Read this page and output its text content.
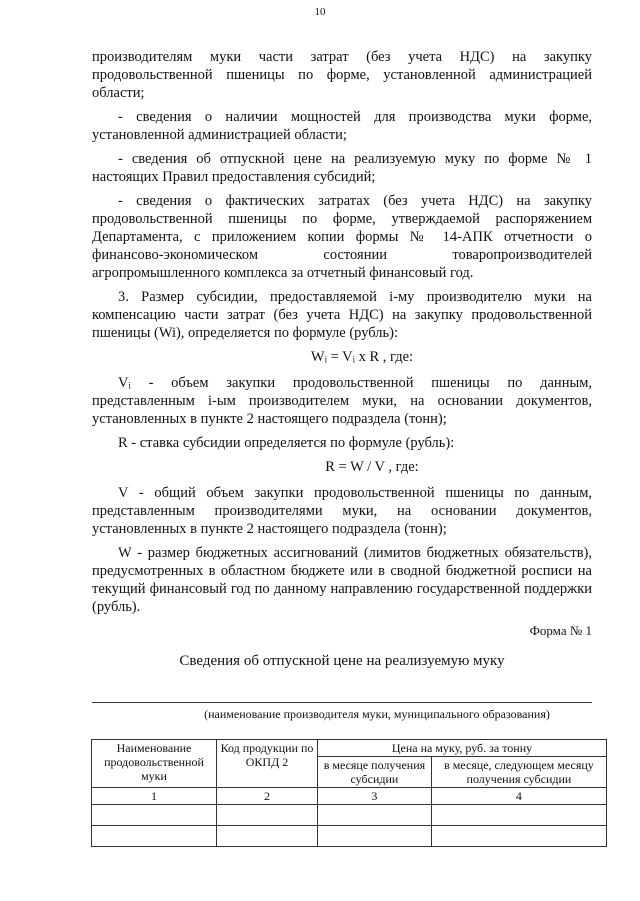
10

производителям муки части затрат (без учета НДС) на закупку продовольственной пшеницы по форме, установленной администрацией области;

- сведения о наличии мощностей для производства муки форме, установленной администрацией области;

- сведения об отпускной цене на реализуемую муку по форме № 1 настоящих Правил предоставления субсидий;

- сведения о фактических затратах (без учета НДС) на закупку продовольственной пшеницы по форме, утверждаемой распоряжением Департамента, с приложением копии формы № 14-АПК отчетности о финансово-экономическом состоянии товаропроизводителей агропромышленного комплекса за отчетный финансовый год.

3. Размер субсидии, предоставляемой i-му производителю муки на компенсацию части затрат (без учета НДС) на закупку продовольственной пшеницы (Wi), определяется по формуле (рубль):

Wᵢ = Vᵢ x R , где:

Vᵢ - объем закупки продовольственной пшеницы по данным, представленным i-ым производителем муки, на основании документов, установленных в пункте 2 настоящего подраздела (тонн);

R - ставка субсидии определяется по формуле (рубль):

R = W / V , где:

V - общий объем закупки продовольственной пшеницы по данным, представленным производителями муки, на основании документов, установленных в пункте 2 настоящего подраздела (тонн);

W - размер бюджетных ассигнований (лимитов бюджетных обязательств), предусмотренных в областном бюджете или в сводной бюджетной росписи на текущий финансовый год по данному направлению государственной поддержки (рубль).

Форма № 1

Сведения об отпускной цене на реализуемую муку

(наименование производителя муки, муниципального образования)

Наименование продовольственной муки	Код продукции по ОКПД 2	Цена на муку, руб. за тонну	
		в месяце получения субсидии	в месяце, следующем месяцу получения субсидии
1	2	3	4
